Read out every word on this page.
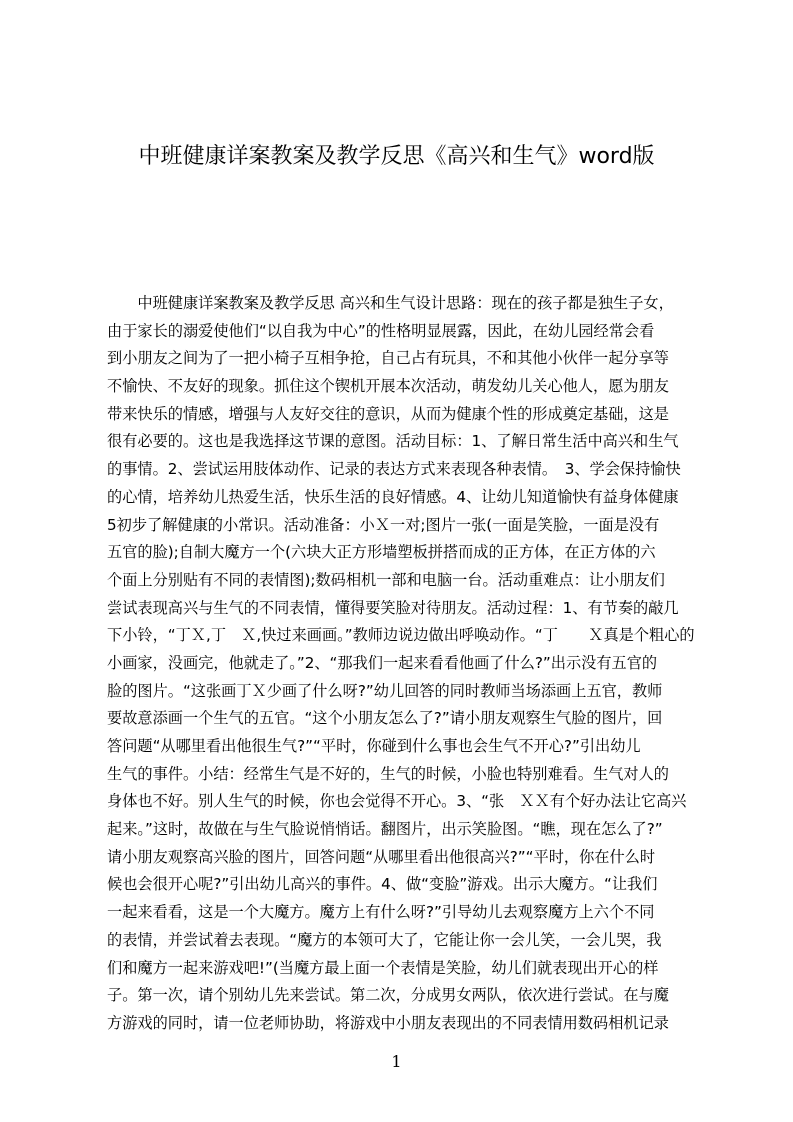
中班健康详案教案及教学反思《高兴和生气》word版
　　中班健康详案教案及教学反思 高兴和生气设计思路：现在的孩子都是独生子女，
由于家长的溺爱使他们“以自我为中心”的性格明显展露，因此，在幼儿园经常会看
到小朋友之间为了一把小椅子互相争抢，自己占有玩具，不和其他小伙伴一起分享等
不愉快、不友好的现象。抓住这个锲机开展本次活动，萌发幼儿关心他人，愿为朋友
带来快乐的情感，增强与人友好交往的意识，从而为健康个性的形成奠定基础，这是
很有必要的。这也是我选择这节课的意图。活动目标：1、了解日常生活中高兴和生气
的事情。2、尝试运用肢体动作、记录的表达方式来表现各种表情。　3、学会保持愉快
的心情，培养幼儿热爱生活，快乐生活的良好情感。4、让幼儿知道愉快有益身体健康
5初步了解健康的小常识。活动准备：小Ｘ一对;图片一张(一面是笑脸，一面是没有
五官的脸);自制大魔方一个(六块大正方形墙塑板拼搭而成的正方体，在正方体的六
个面上分别贴有不同的表情图);数码相机一部和电脑一台。活动重难点：让小朋友们
尝试表现高兴与生气的不同表情，懂得要笑脸对待朋友。活动过程：1、有节奏的敲几
下小铃，“丁Ｘ,丁　Ｘ,快过来画画。”教师边说边做出呼唤动作。“丁　　Ｘ真是个粗心的
小画家，没画完，他就走了。”2、“那我们一起来看看他画了什么?”出示没有五官的
脸的图片。“这张画丁Ｘ少画了什么呀?”幼儿回答的同时教师当场添画上五官，教师
要故意添画一个生气的五官。“这个小朋友怎么了?”请小朋友观察生气脸的图片，回
答问题“从哪里看出他很生气?”“平时，你碰到什么事也会生气不开心?”引出幼儿
生气的事件。小结：经常生气是不好的，生气的时候，小脸也特别难看。生气对人的
身体也不好。别人生气的时候，你也会觉得不开心。3、“张　ＸＸ有个好办法让它高兴
起来。”这时，故做在与生气脸说悄悄话。翻图片，出示笑脸图。“瞧，现在怎么了?”
请小朋友观察高兴脸的图片，回答问题“从哪里看出他很高兴?”“平时，你在什么时
候也会很开心呢?”引出幼儿高兴的事件。4、做“变脸”游戏。出示大魔方。“让我们
一起来看看，这是一个大魔方。魔方上有什么呀?”引导幼儿去观察魔方上六个不同
的表情，并尝试着去表现。“魔方的本领可大了，它能让你一会儿笑，一会儿哭，我
们和魔方一起来游戏吧!”(当魔方最上面一个表情是笑脸，幼儿们就表现出开心的样
子。第一次，请个别幼儿先来尝试。第二次，分成男女两队，依次进行尝试。在与魔
方游戏的同时，请一位老师协助，将游戏中小朋友表现出的不同表情用数码相机记录
1
